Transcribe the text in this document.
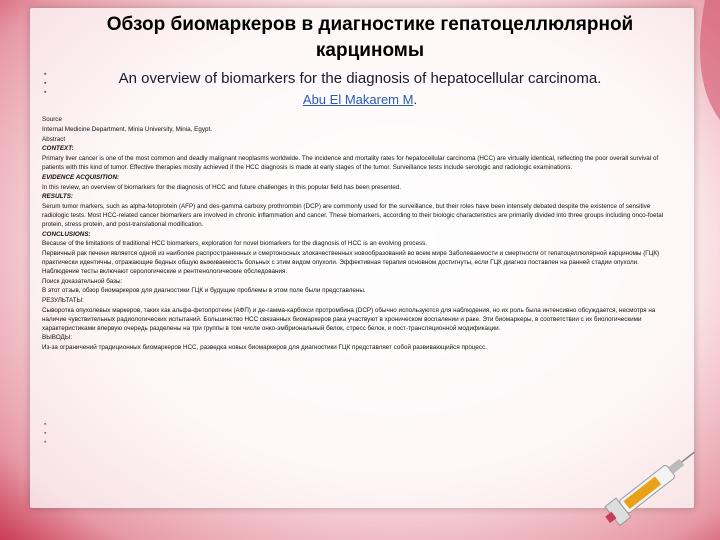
Обзор биомаркеров в диагностике гепатоцеллюлярной карциномы
▪
▪
▪

An overview of biomarkers for the diagnosis of hepatocellular carcinoma.

Abu El Makarem M.

Source

Internal Medicine Department, Minia University, Minia, Egypt.

Abstract

CONTEXT:

Primary liver cancer is one of the most common and deadly malignant neoplasms worldwide. The incidence and mortality rates for hepatocellular carcinoma (HCC) are virtually identical, reflecting the poor overall survival of patients with this kind of tumor. Effective therapies mostly achieved if the HCC diagnosis is made at early stages of the tumor. Surveillance tests include serologic and radiologic examinations.

EVIDENCE ACQUISITION:

In this review, an overview of biomarkers for the diagnosis of HCC and future challenges in this popular field has been presented.

RESULTS:

Serum tumor markers, such as alpha-fetoprotein (AFP) and des-gamma carboxy prothrombin (DCP) are commonly used for the surveillance, but their roles have been intensely debated despite the existence of sensitive radiologic tests. Most HCC-related cancer biomarkers are involved in chronic inflammation and cancer. These biomarkers, according to their biologic characteristics are primarily divided into three groups including onco-foetal protein, stress protein, and post-translational modification.

CONCLUSIONS:

Because of the limitations of traditional HCC biomarkers, exploration for novel biomarkers for the diagnosis of HCC is an evolving process.

Первичный рак печени является одной из наиболее распространенных и смертоносных злокачественных новообразований во всем мире Заболеваемости и смертности от гепатоцеллюлярной карциномы (ГЦК) практически идентичны, отражающие бедных общую выживаемость больных с этим видом опухоли. Эффективная терапия основном достигнуты, если ГЦК диагноз поставлен на ранней стадии опухоли. Наблюдение тесты включают серологические и рентгенологические обследования.

Поиск доказательной базы:

В этот отзыв, обзор биомаркеров для диагностики ГЦК и будущие проблемы в этом поле были представлены.

РЕЗУЛЬТАТЫ:

Сыворотка опухолевых маркеров, таких как альфа-фетопротеин (АФП) и де-гамма-карбокси протромбина (DCP) обычно используются для наблюдения, но их роль была интенсивно обсуждается, несмотря на наличие чувствительных радиологических испытаний. Большинство HCC связанных биомаркеров рака участвуют в хроническом воспалении и раке. Эти биомаркеры, в соответствии с их биологическими характеристиками впервую очередь разделены на три группы в том числе онко-эмбриональный белок, стресс белок, и пост-трансляционной модификации.

ВЫВОДЫ:

Из-за ограничений традиционных биомаркеров HCC, разведка новых биомаркеров для диагностики ГЦК представляет собой развивающийся процесс.

▪
▪
▪
